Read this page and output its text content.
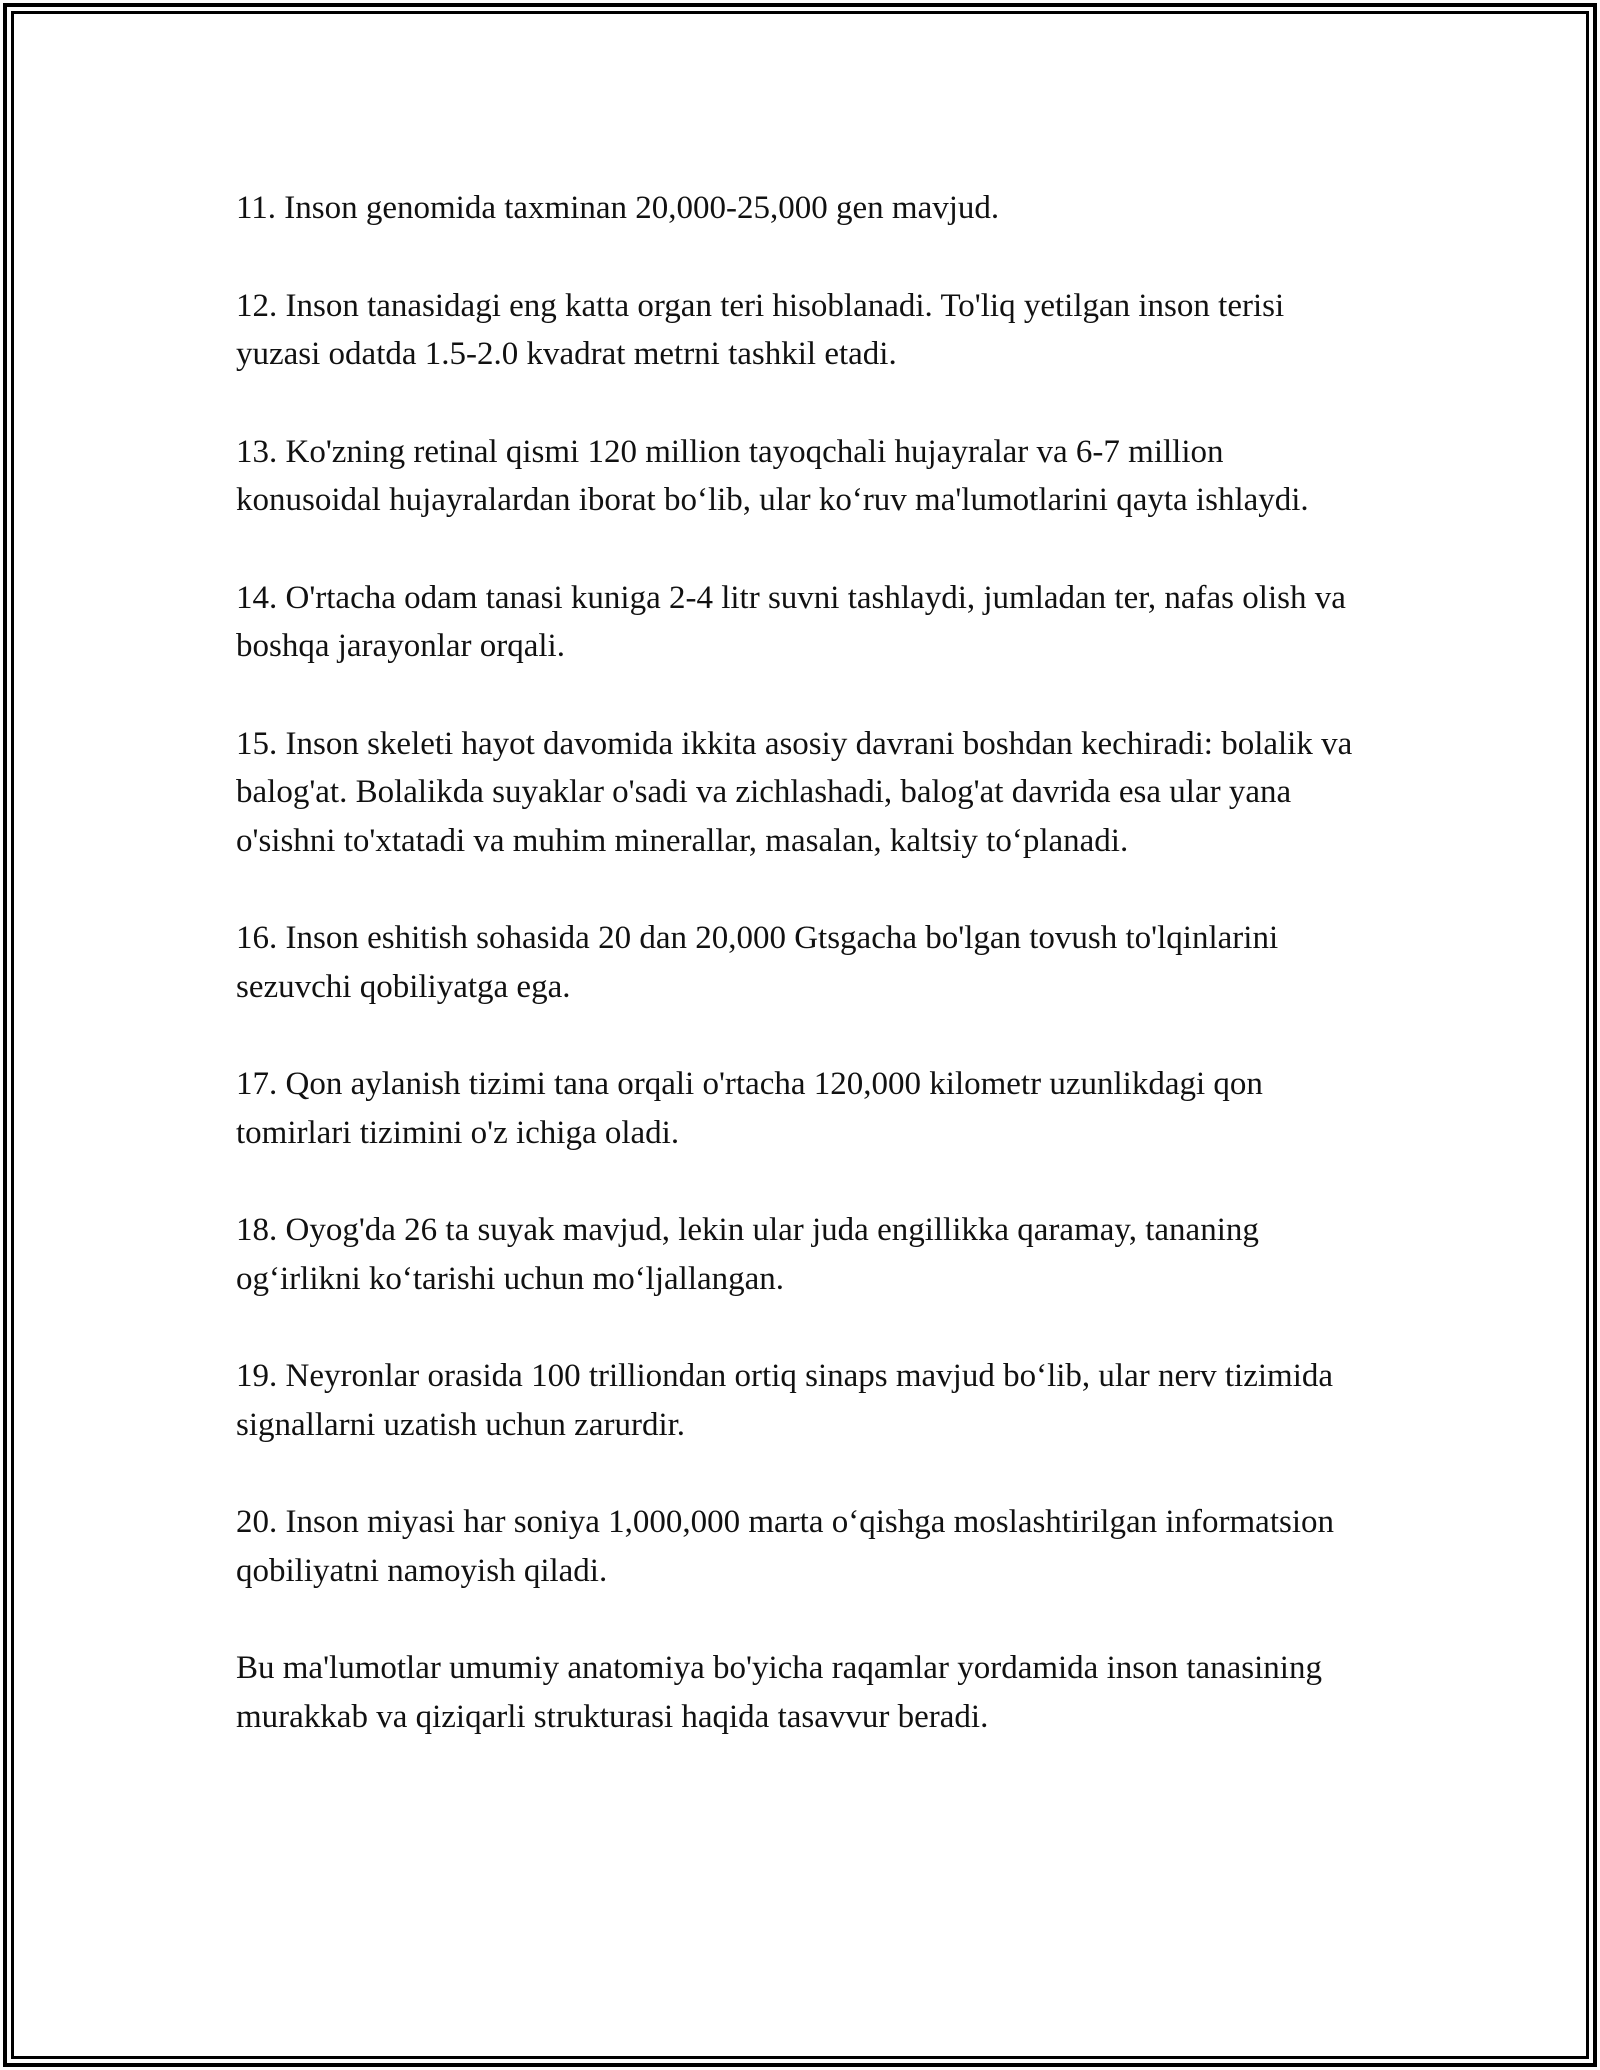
11. Inson genomida taxminan 20,000-25,000 gen mavjud.

12. Inson tanasidagi eng katta organ teri hisoblanadi. To'liq yetilgan inson terisi yuzasi odatda 1.5-2.0 kvadrat metrni tashkil etadi.

13. Ko'zning retinal qismi 120 million tayoqchali hujayralar va 6-7 million konusoidal hujayralardan iborat boʻlib, ular koʻruv ma'lumotlarini qayta ishlaydi.

14. O'rtacha odam tanasi kuniga 2-4 litr suvni tashlaydi, jumladan ter, nafas olish va boshqa jarayonlar orqali.

15. Inson skeleti hayot davomida ikkita asosiy davrani boshdan kechiradi: bolalik va balog'at. Bolalikda suyaklar o'sadi va zichlashadi, balog'at davrida esa ular yana o'sishni to'xtatadi va muhim minerallar, masalan, kaltsiy toʻplanadi.

16. Inson eshitish sohasida 20 dan 20,000 Gtsgacha bo'lgan tovush to'lqinlarini sezuvchi qobiliyatga ega.

17. Qon aylanish tizimi tana orqali o'rtacha 120,000 kilometr uzunlikdagi qon tomirlari tizimini o'z ichiga oladi.

18. Oyog'da 26 ta suyak mavjud, lekin ular juda engillikka qaramay, tananing ogʻirlikni koʻtarishi uchun moʻljallangan.

19. Neyronlar orasida 100 trilliondan ortiq sinaps mavjud boʻlib, ular nerv tizimida signallarni uzatish uchun zarurdir.

20. Inson miyasi har soniya 1,000,000 marta oʻqishga moslashtirilgan informatsion qobiliyatni namoyish qiladi.

Bu ma'lumotlar umumiy anatomiya bo'yicha raqamlar yordamida inson tanasining murakkab va qiziqarli strukturasi haqida tasavvur beradi.
